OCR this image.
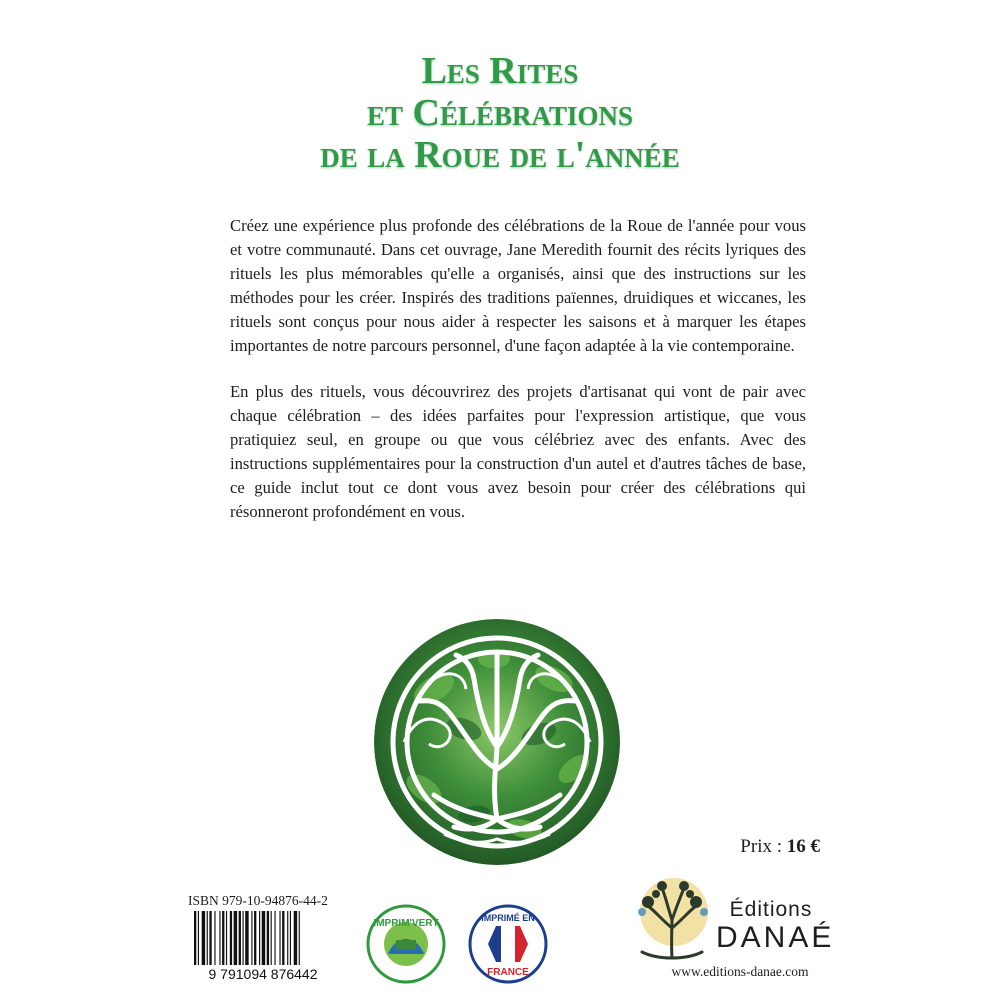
Les Rites
et Célébrations
de la Roue de l'année

Créez une expérience plus profonde des célébrations de la Roue de l'année pour vous et votre communauté. Dans cet ouvrage, Jane Meredith fournit des récits lyriques des rituels les plus mémorables qu'elle a organisés, ainsi que des instructions sur les méthodes pour les créer. Inspirés des traditions païennes, druidiques et wiccanes, les rituels sont conçus pour nous aider à respecter les saisons et à marquer les étapes importantes de notre parcours personnel, d'une façon adaptée à la vie contemporaine.

En plus des rituels, vous découvrirez des projets d'artisanat qui vont de pair avec chaque célébration – des idées parfaites pour l'expression artistique, que vous pratiquiez seul, en groupe ou que vous célébriez avec des enfants. Avec des instructions supplémentaires pour la construction d'un autel et d'autres tâches de base, ce guide inclut tout ce dont vous avez besoin pour créer des célébrations qui résonneront profondément en vous.

Prix : 16 €
ISBN 979-10-94876-44-2
9 791094 876442
IMPRIM'VERT	IMPRIMÉ EN
FRANCE
Éditions
DANAÉ
www.editions-danae.com
